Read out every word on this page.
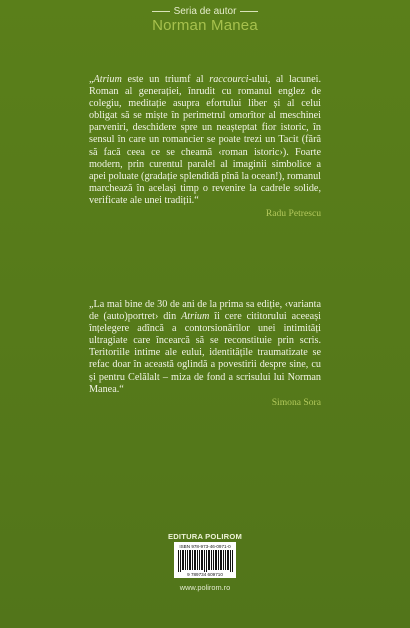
Seria de autor
Norman Manea
„Atrium este un triumf al raccourci-ului, al lacunei. Roman al generației, înrudit cu romanul englez de colegiu, meditație asupra efortului liber și al celui obligat să se miște în perimetrul omorîtor al meschinei parveniri, deschidere spre un neașteptat fior istoric, în sensul în care un romancier se poate trezi un Tacit (fără să facă ceea ce se cheamă ‹roman istoric›). Foarte modern, prin curentul paralel al imaginii simbolice a apei poluate (gradație splendidă pînă la ocean!), romanul marchează în același timp o revenire la cadrele solide, verificate ale unei tradiții.“
Radu Petrescu
„La mai bine de 30 de ani de la prima sa ediție, ‹varianta de (auto)portret› din Atrium îi cere cititorului aceeași înțelegere adîncă a contorsionărilor unei intimități ultragiate care încearcă să se reconstituie prin scris. Teritoriile intime ale eului, identitățile traumatizate se refac doar în această oglindă a povestirii despre sine, cu și pentru Celălalt – miza de fond a scrisului lui Norman Manea.“
Simona Sora
EDITURA POLIROM
ISBN 978-973-46-0971-0
9 789734 609710
www.polirom.ro
